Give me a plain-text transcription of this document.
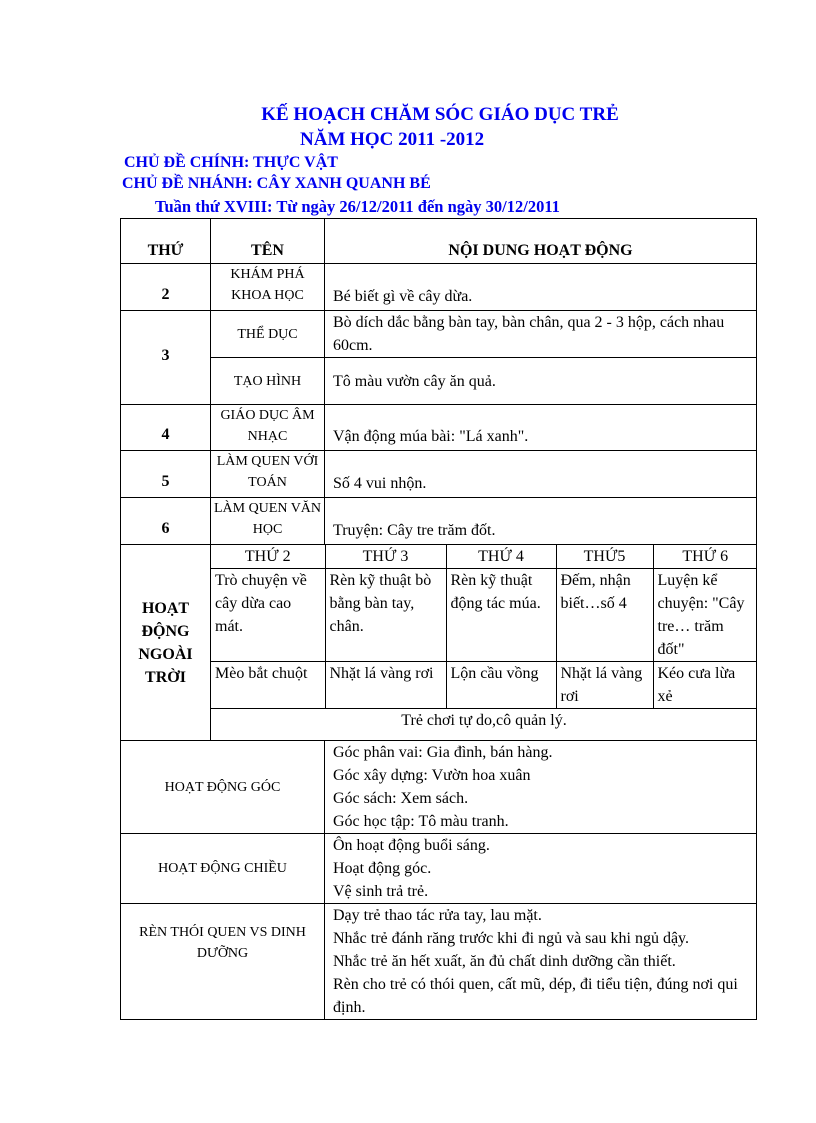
KẾ HOẠCH CHĂM SÓC GIÁO DỤC TRẺ
NĂM HỌC 2011 -2012
CHỦ ĐỀ CHÍNH: THỰC VẬT
CHỦ ĐỀ NHÁNH: CÂY XANH QUANH BÉ
Tuần thứ XVIII: Từ ngày 26/12/2011 đến ngày 30/12/2011
THỨ	TÊN	NỘI DUNG HOẠT ĐỘNG
2	KHÁM PHÁ KHOA HỌC	Bé biết gì về cây dừa.
3	THỂ DỤC	Bò dích dắc bằng bàn tay, bàn chân, qua 2 - 3 hộp, cách nhau 60cm.
TẠO HÌNH	Tô màu vườn cây ăn quả.
4	GIÁO DỤC ÂM NHẠC	Vận động múa bài: "Lá xanh".
5	LÀM QUEN VỚI TOÁN	Số 4 vui nhộn.
6	LÀM QUEN VĂN HỌC	Truyện: Cây tre trăm đốt.
HOẠT ĐỘNG NGOÀI TRỜI	
THỨ 2	THỨ 3	THỨ 4	THỨ5	THỨ 6
Trò chuyện về cây dừa cao mát.	Rèn kỹ thuật bò bằng bàn tay, chân.	Rèn kỹ thuật động tác múa.	Đếm, nhận biết…số 4	Luyện kể chuyện: "Cây tre… trăm đốt"
Mèo bắt chuột	Nhặt lá vàng rơi	Lộn cầu vồng	Nhặt lá vàng rơi	Kéo cưa lừa xẻ
Trẻ chơi tự do,cô quản lý.

HOẠT ĐỘNG GÓC	
Góc phân vai: Gia đình, bán hàng.
Góc xây dựng: Vườn hoa xuân
Góc sách: Xem sách.
Góc học tập: Tô màu tranh.

HOẠT ĐỘNG CHIỀU	
Ôn hoạt động buổi sáng.
Hoạt động góc.
Vệ sinh trả trẻ.

RÈN THÓI QUEN VS DINH DƯỠNG	
Dạy trẻ thao tác rửa tay, lau mặt.
Nhắc trẻ đánh răng trước khi đi ngủ và sau khi ngủ dậy.
Nhắc trẻ ăn hết xuất, ăn đủ chất dinh dưỡng cần thiết.
Rèn cho trẻ có thói quen, cất mũ, dép, đi tiểu tiện, đúng nơi qui định.
